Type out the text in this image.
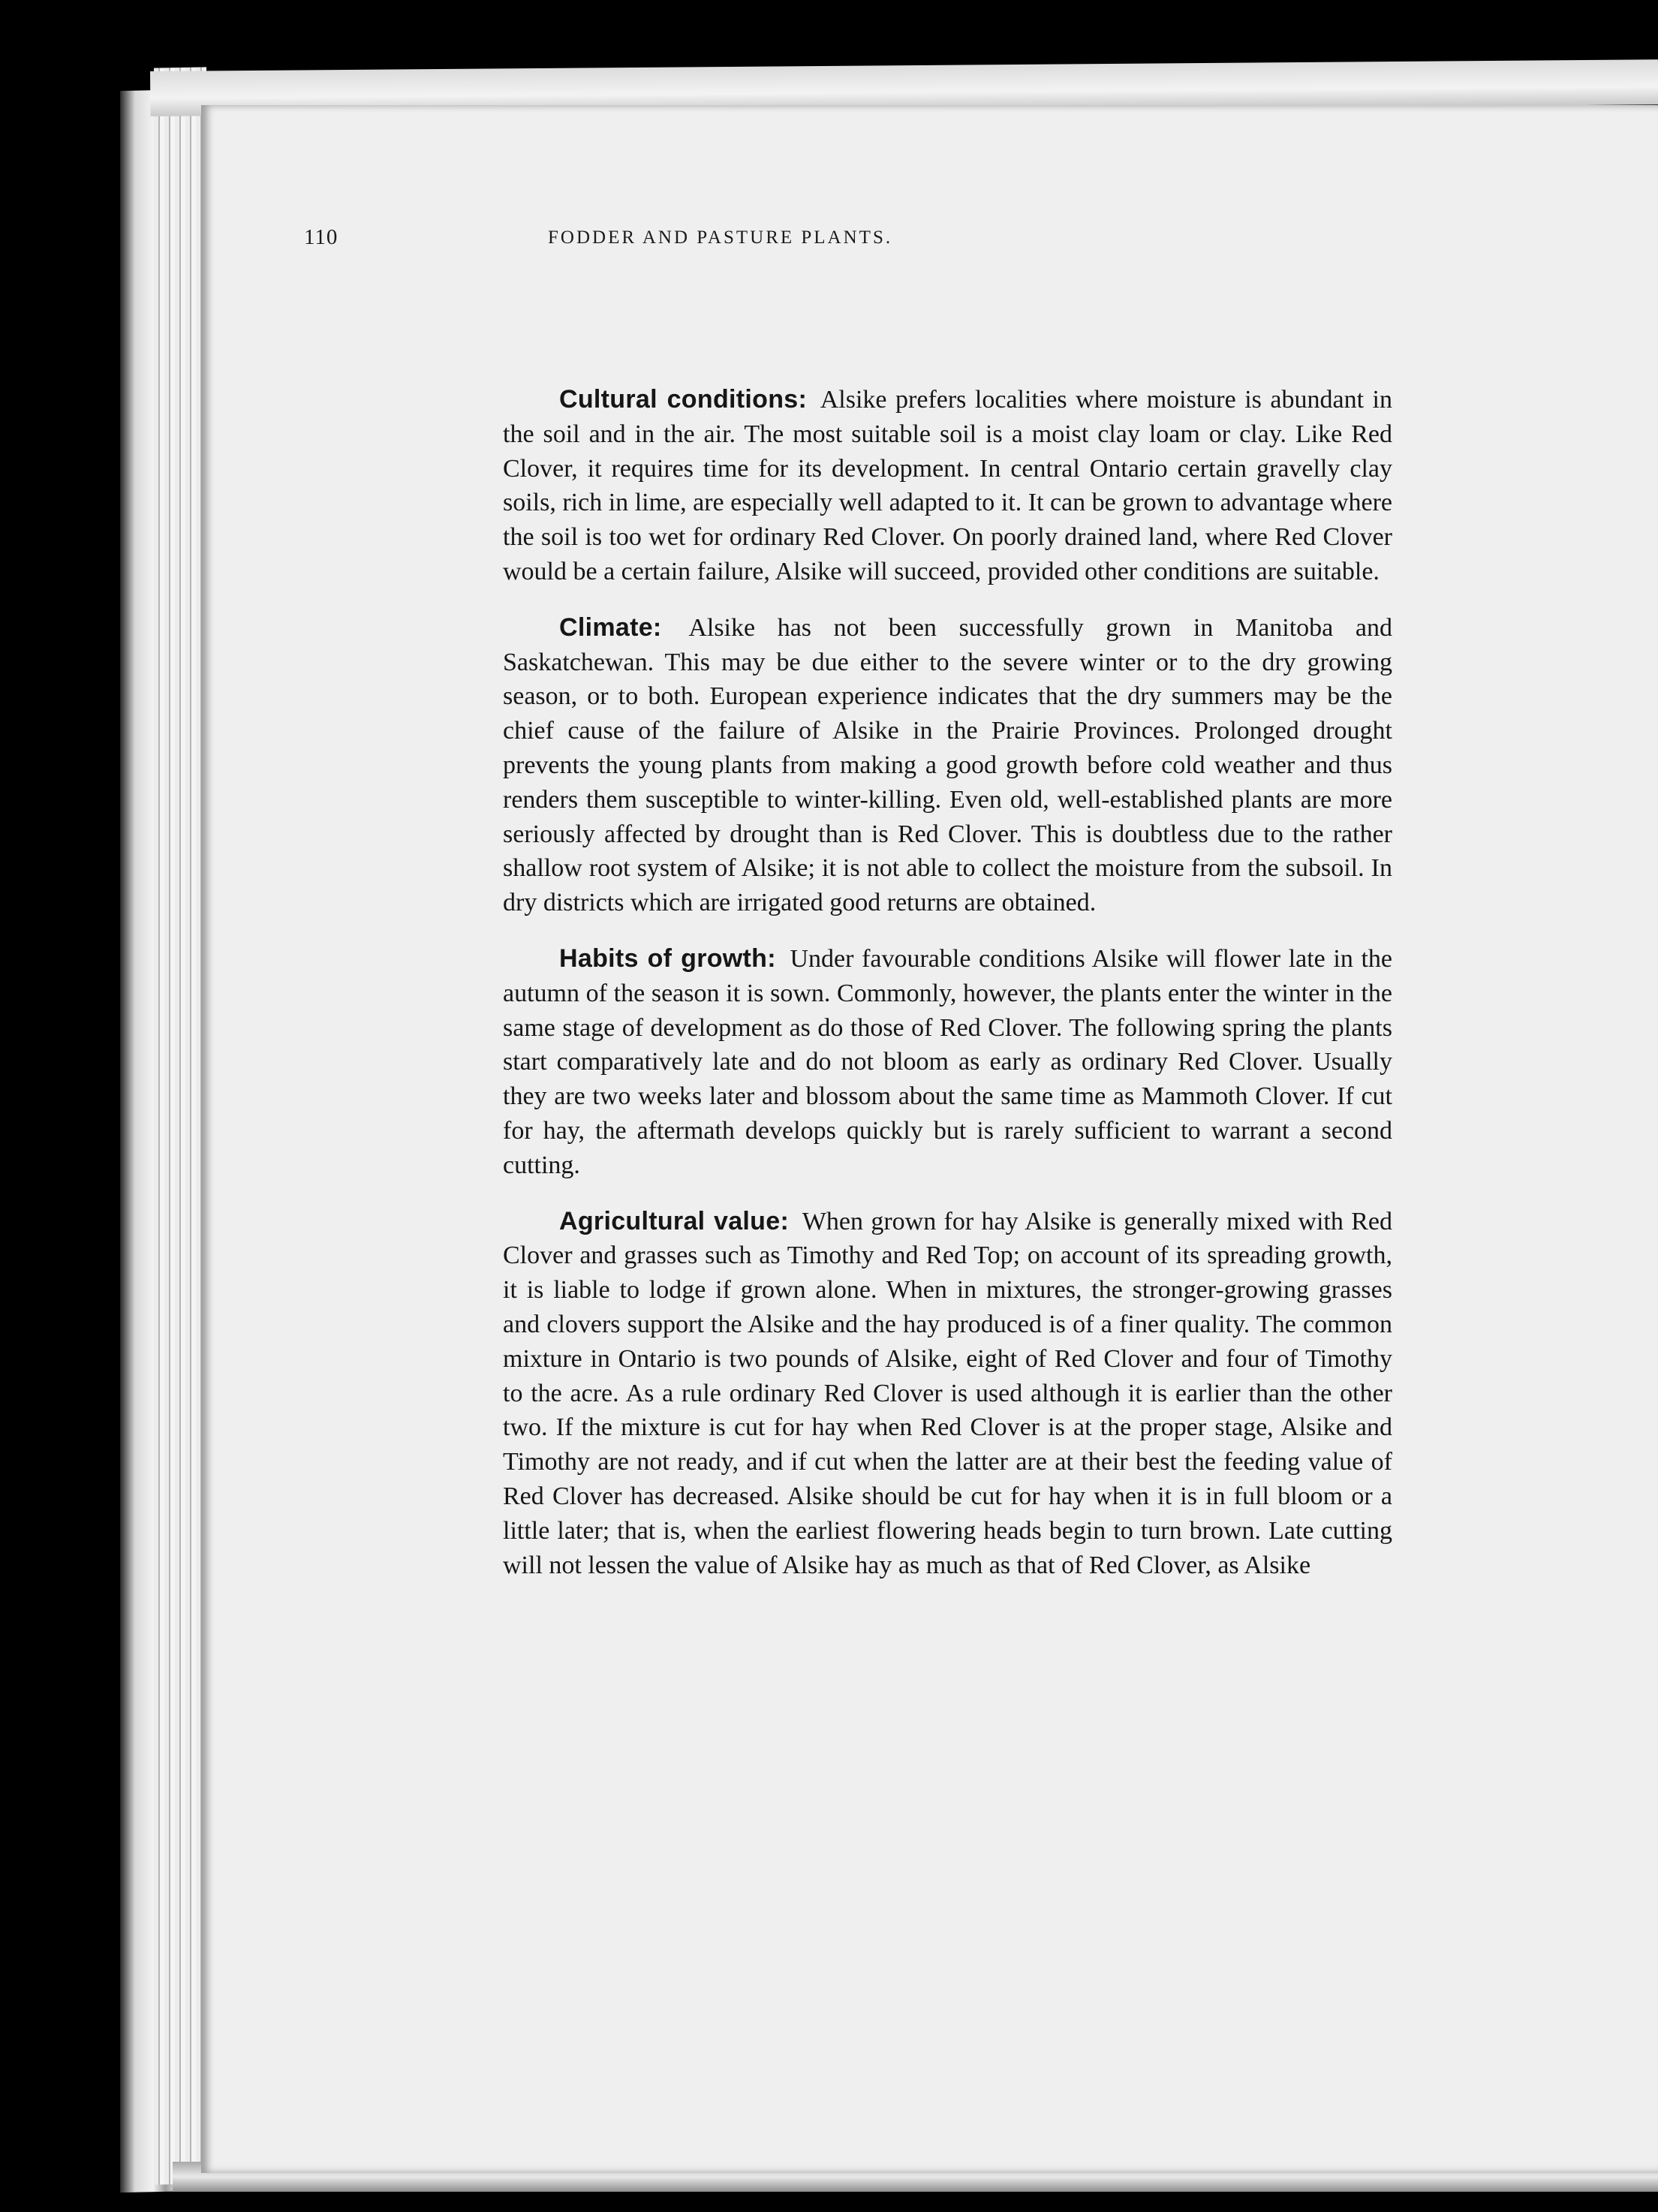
110	FODDER AND PASTURE PLANTS.

Cultural conditions: Alsike prefers localities where moisture is abundant in the soil and in the air. The most suitable soil is a moist clay loam or clay. Like Red Clover, it requires time for its development. In central Ontario certain gravelly clay soils, rich in lime, are especially well adapted to it. It can be grown to advantage where the soil is too wet for ordinary Red Clover. On poorly drained land, where Red Clover would be a certain failure, Alsike will succeed, provided other conditions are suitable.

Climate: Alsike has not been successfully grown in Manitoba and Saskatchewan. This may be due either to the severe winter or to the dry growing season, or to both. European experience indicates that the dry summers may be the chief cause of the failure of Alsike in the Prairie Provinces. Prolonged drought prevents the young plants from making a good growth before cold weather and thus renders them susceptible to winter-killing. Even old, well-established plants are more seriously affected by drought than is Red Clover. This is doubtless due to the rather shallow root system of Alsike; it is not able to collect the moisture from the subsoil. In dry districts which are irrigated good returns are obtained.

Habits of growth: Under favourable conditions Alsike will flower late in the autumn of the season it is sown. Commonly, however, the plants enter the winter in the same stage of development as do those of Red Clover. The following spring the plants start comparatively late and do not bloom as early as ordinary Red Clover. Usually they are two weeks later and blossom about the same time as Mammoth Clover. If cut for hay, the aftermath develops quickly but is rarely sufficient to warrant a second cutting.

Agricultural value: When grown for hay Alsike is generally mixed with Red Clover and grasses such as Timothy and Red Top; on account of its spreading growth, it is liable to lodge if grown alone. When in mixtures, the stronger-growing grasses and clovers support the Alsike and the hay produced is of a finer quality. The common mixture in Ontario is two pounds of Alsike, eight of Red Clover and four of Timothy to the acre. As a rule ordinary Red Clover is used although it is earlier than the other two. If the mixture is cut for hay when Red Clover is at the proper stage, Alsike and Timothy are not ready, and if cut when the latter are at their best the feeding value of Red Clover has decreased. Alsike should be cut for hay when it is in full bloom or a little later; that is, when the earliest flowering heads begin to turn brown. Late cutting will not lessen the value of Alsike hay as much as that of Red Clover, as Alsike
